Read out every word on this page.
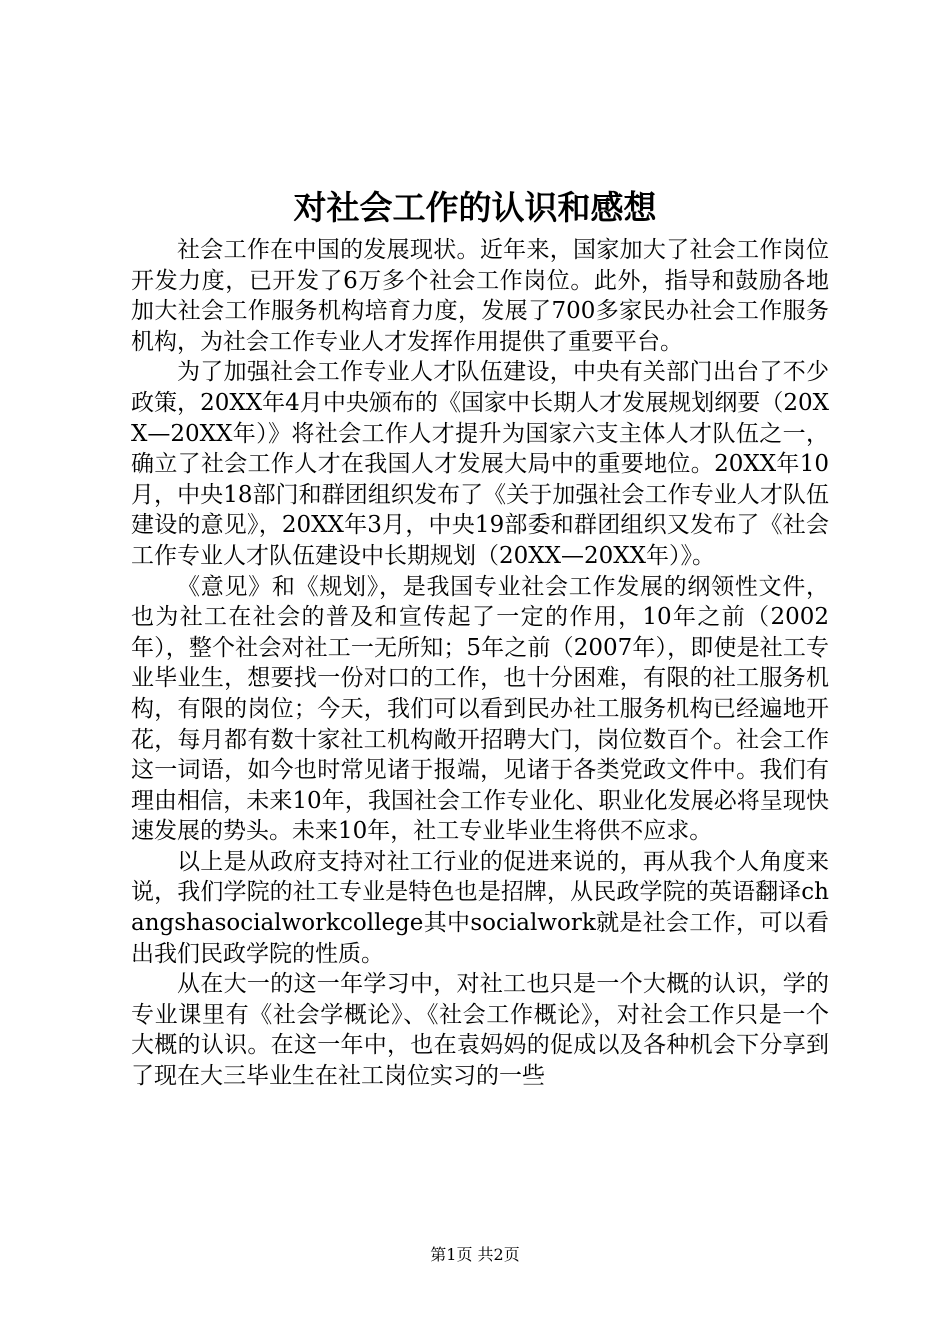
对社会工作的认识和感想

社会工作在中国的发展现状。近年来，国家加大了社会工作岗位开发力度，已开发了6万多个社会工作岗位。此外，指导和鼓励各地加大社会工作服务机构培育力度，发展了700多家民办社会工作服务机构，为社会工作专业人才发挥作用提供了重要平台。

为了加强社会工作专业人才队伍建设，中央有关部门出台了不少政策，20XX年4月中央颁布的《国家中长期人才发展规划纲要（20XX—20XX年）》将社会工作人才提升为国家六支主体人才队伍之一，确立了社会工作人才在我国人才发展大局中的重要地位。20XX年10月，中央18部门和群团组织发布了《关于加强社会工作专业人才队伍建设的意见》，20XX年3月，中央19部委和群团组织又发布了《社会工作专业人才队伍建设中长期规划（20XX—20XX年）》。

《意见》和《规划》，是我国专业社会工作发展的纲领性文件，也为社工在社会的普及和宣传起了一定的作用，10年之前（2002年），整个社会对社工一无所知；5年之前（2007年），即使是社工专业毕业生，想要找一份对口的工作，也十分困难，有限的社工服务机构，有限的岗位；今天，我们可以看到民办社工服务机构已经遍地开花，每月都有数十家社工机构敞开招聘大门，岗位数百个。社会工作这一词语，如今也时常见诸于报端，见诸于各类党政文件中。我们有理由相信，未来10年，我国社会工作专业化、职业化发展必将呈现快速发展的势头。未来10年，社工专业毕业生将供不应求。

以上是从政府支持对社工行业的促进来说的，再从我个人角度来说，我们学院的社工专业是特色也是招牌，从民政学院的英语翻译changshasocialworkcollege其中socialwork就是社会工作，可以看出我们民政学院的性质。

从在大一的这一年学习中，对社工也只是一个大概的认识，学的专业课里有《社会学概论》、《社会工作概论》，对社会工作只是一个大概的认识。在这一年中，也在袁妈妈的促成以及各种机会下分享到了现在大三毕业生在社工岗位实习的一些

第1页 共2页
